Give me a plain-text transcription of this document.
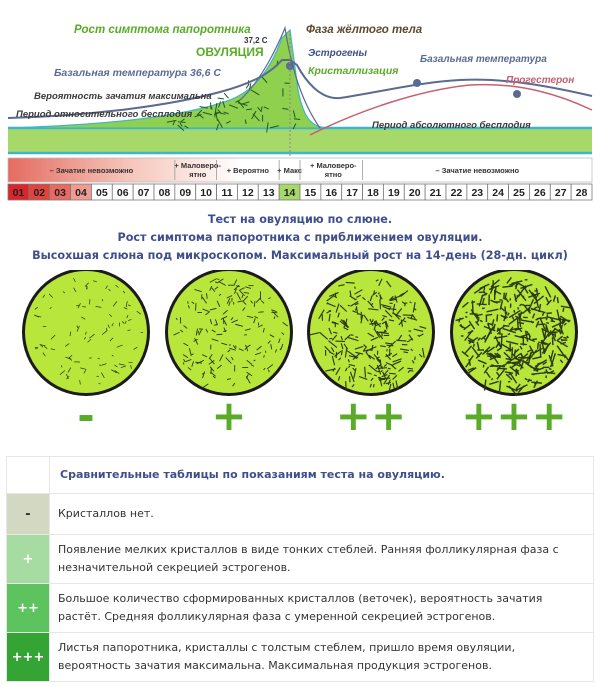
Рост симптома папоротника	Фаза жёлтого тела
37,2 С
ОВУЛЯЦИЯ	Эстрогены
Базальная температура 36,6 С	Кристаллизация
Базальная температура
Прогестерон
Вероятность зачатия максимальна
Период относительного бесплодия
Период абсолютного бесплодия
– Зачатие невозможно
+ Маловеро-
ятно	+ Вероятно + Макс
+ Маловеро-
ятно	– Зачатие невозможно
01 02 03 04 05 06 07 08 09 10 11 12 13 14 15 16 17 18 19 20 21 22 23 24 25 26 27 28
Тест на овуляцию по слюне.
Рост симптома папоротника с приближением овуляции.
Высохшая слюна под микроскопом. Максимальный рост на 14-день (28-дн. цикл)
-	+ ++ +++
	Сравнительные таблицы по показаниям теста на овуляцию.
-	Кристаллов нет.
+	Появление мелких кристаллов в виде тонких стеблей. Ранняя фолликулярная фаза с незначительной секрецией эстрогенов.
++	Большое количество сформированных кристаллов (веточек), вероятность зачатия растёт. Средняя фолликулярная фаза с умеренной секрецией эстрогенов.
+++	Листья папоротника, кристаллы с толстым стеблем, пришло время овуляции, вероятность зачатия максимальна. Максимальная продукция эстрогенов.
